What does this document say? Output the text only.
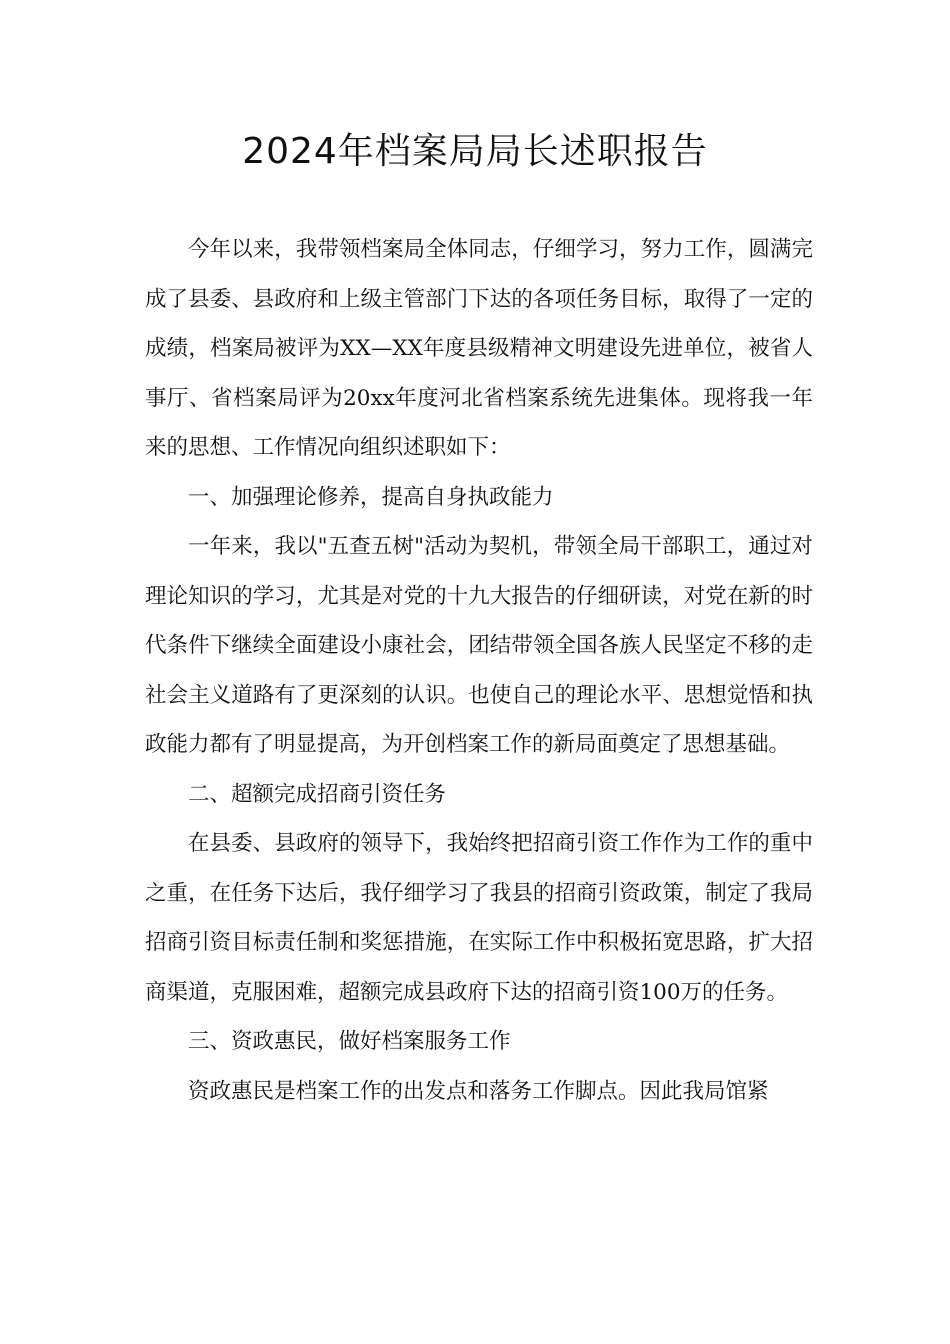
2024年档案局局长述职报告

今年以来，我带领档案局全体同志，仔细学习，努力工作，圆满完成了县委、县政府和上级主管部门下达的各项任务目标，取得了一定的成绩，档案局被评为XX—XX年度县级精神文明建设先进单位，被省人事厅、省档案局评为20xx年度河北省档案系统先进集体。现将我一年来的思想、工作情况向组织述职如下：

一、加强理论修养，提高自身执政能力

一年来，我以"五查五树"活动为契机，带领全局干部职工，通过对理论知识的学习，尤其是对党的十九大报告的仔细研读，对党在新的时代条件下继续全面建设小康社会，团结带领全国各族人民坚定不移的走社会主义道路有了更深刻的认识。也使自己的理论水平、思想觉悟和执政能力都有了明显提高，为开创档案工作的新局面奠定了思想基础。

二、超额完成招商引资任务

在县委、县政府的领导下，我始终把招商引资工作作为工作的重中之重，在任务下达后，我仔细学习了我县的招商引资政策，制定了我局招商引资目标责任制和奖惩措施，在实际工作中积极拓宽思路，扩大招商渠道，克服困难，超额完成县政府下达的招商引资100万的任务。

三、资政惠民，做好档案服务工作

资政惠民是档案工作的出发点和落务工作脚点。因此我局馆紧
